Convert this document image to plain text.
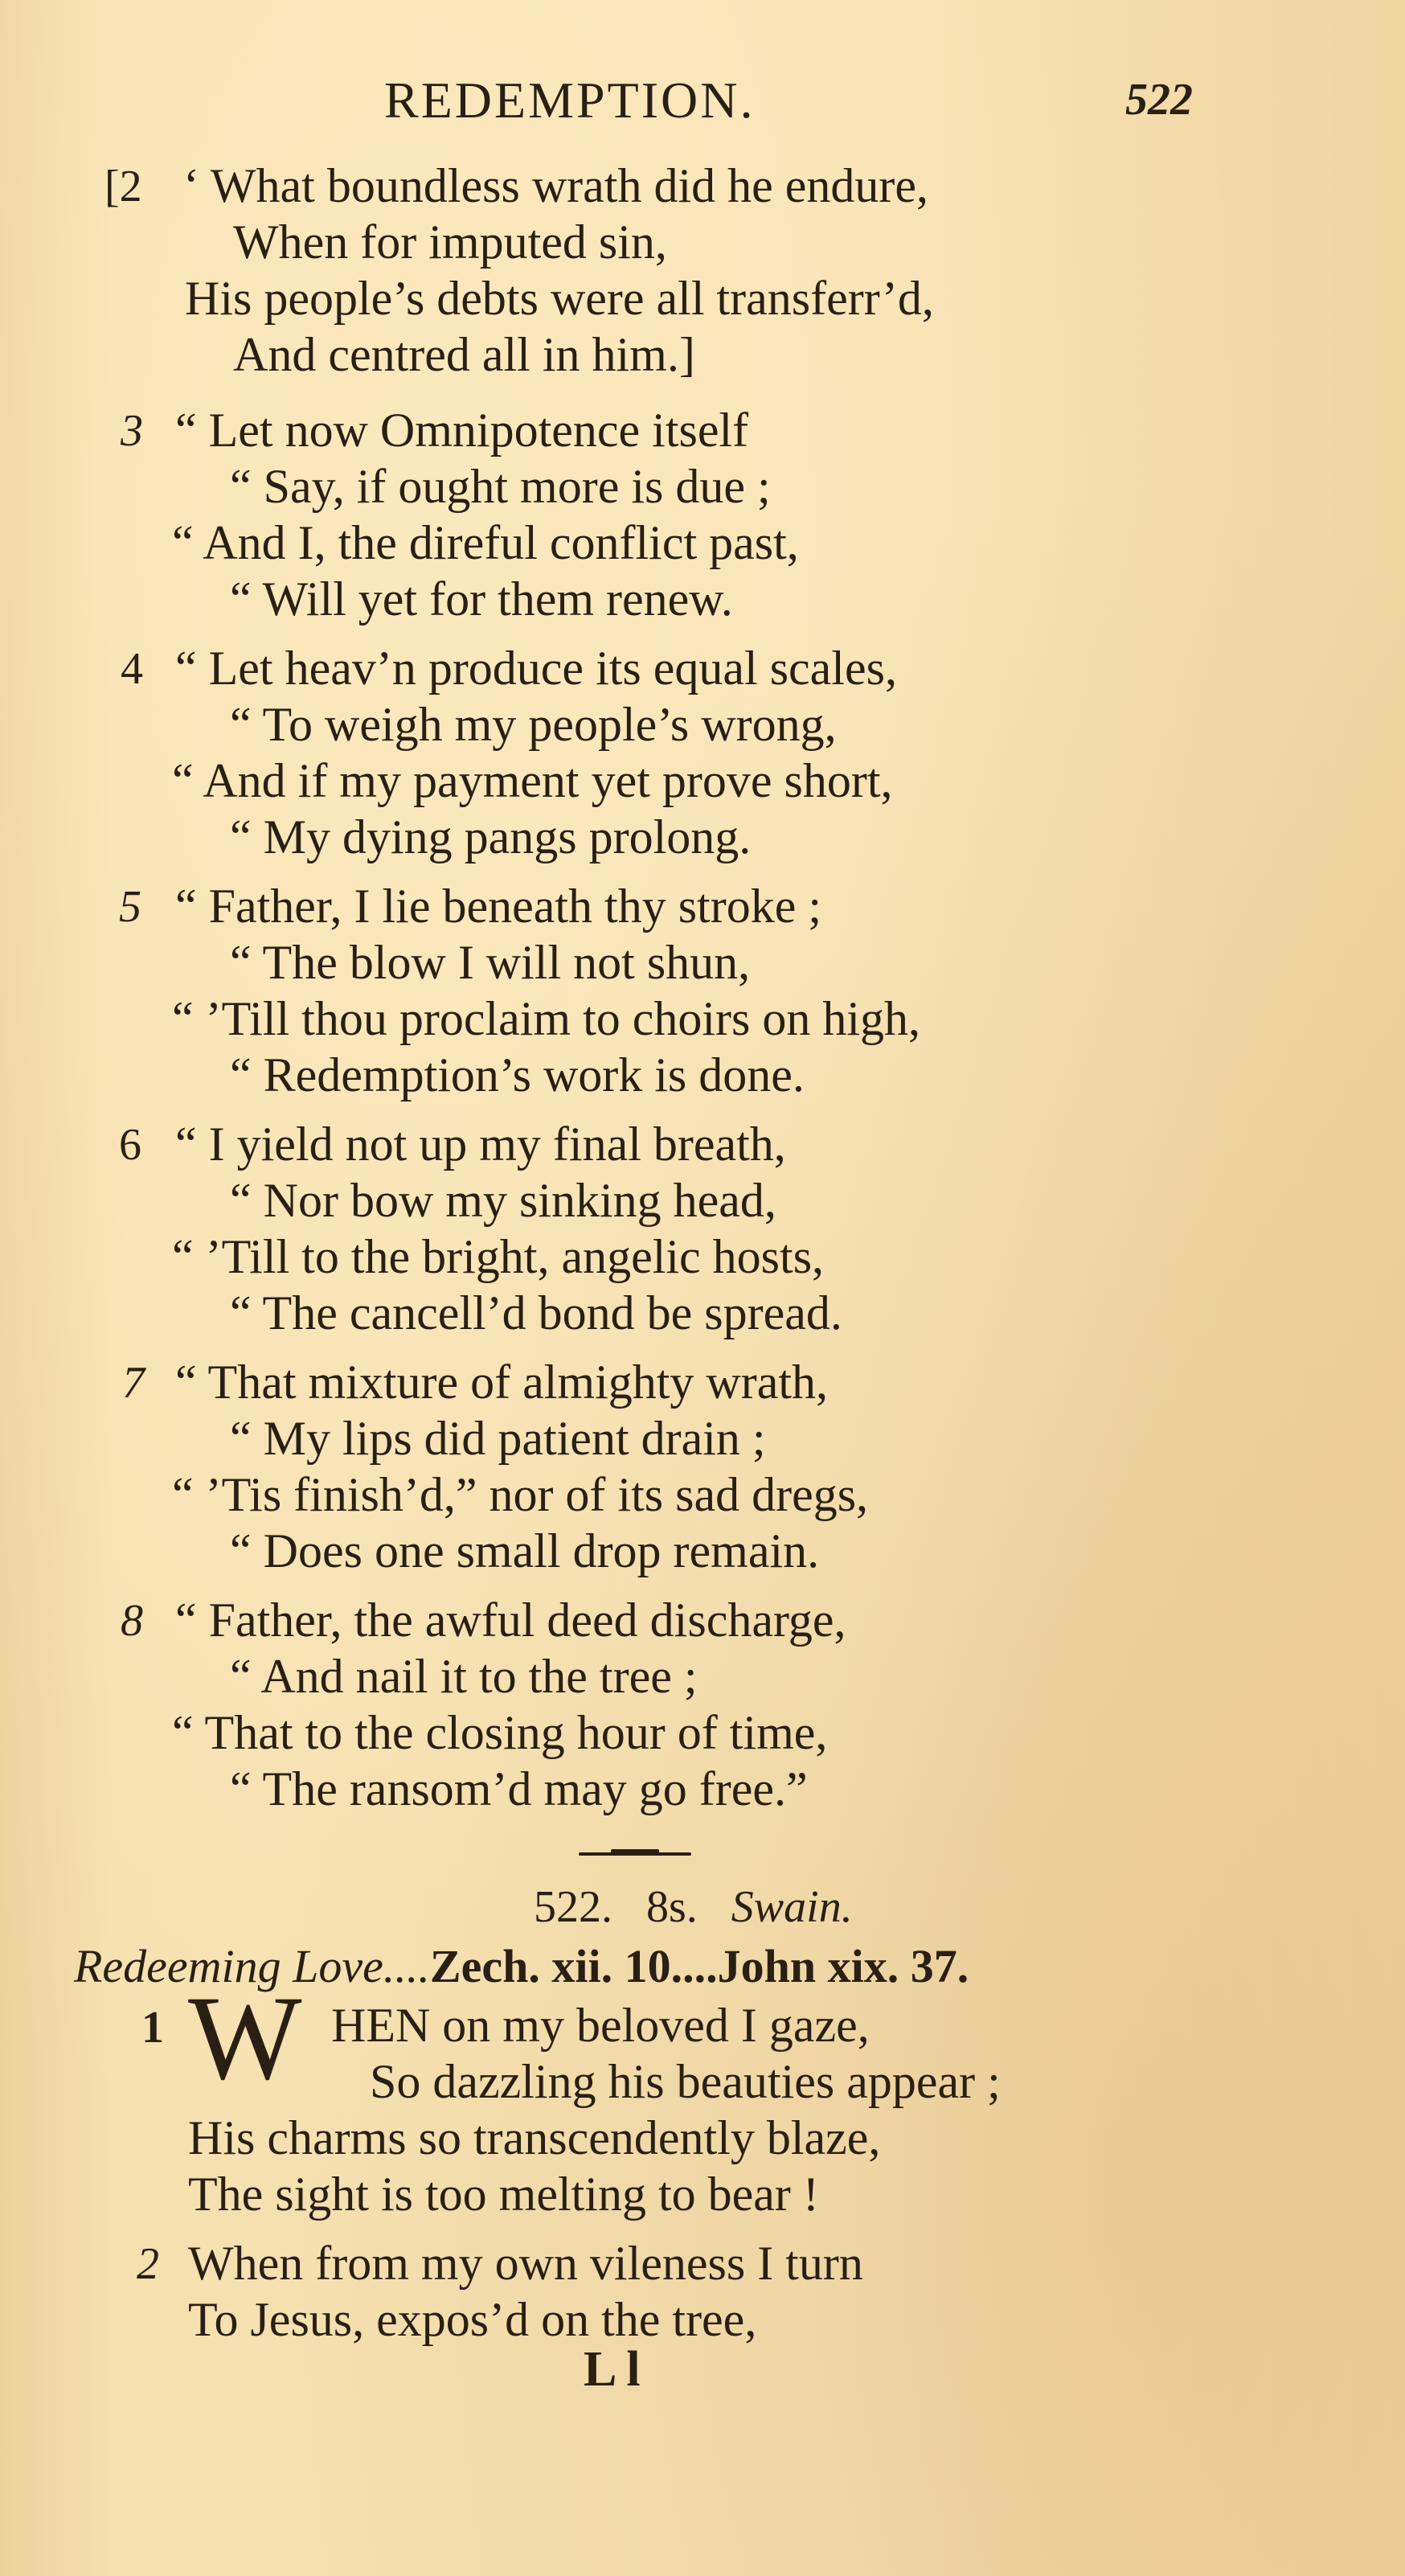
REDEMPTION.	522
[2 ‘ What boundless wrath did he endure,
When for imputed sin,
His people’s debts were all transferr’d,
And centred all in him.]
3 “ Let now Omnipotence itself
“ Say, if ought more is due ;
“ And I, the direful conflict past,
“ Will yet for them renew.
4 “ Let heav’n produce its equal scales,
“ To weigh my people’s wrong,
“ And if my payment yet prove short,
“ My dying pangs prolong.
5 “ Father, I lie beneath thy stroke ;
“ The blow I will not shun,
“ ’Till thou proclaim to choirs on high,
“ Redemption’s work is done.
6 “ I yield not up my final breath,
“ Nor bow my sinking head,
“ ’Till to the bright, angelic hosts,
“ The cancell’d bond be spread.
7 “ That mixture of almighty wrath,
“ My lips did patient drain ;
“ ’Tis finish’d,” nor of its sad dregs,
“ Does one small drop remain.
8 “ Father, the awful deed discharge,
“ And nail it to the tree ;
“ That to the closing hour of time,
“ The ransom’d may go free.”
522. 8s. Swain.
Redeeming Love....Zech. xii. 10....John xix. 37.
1 W HEN on my beloved I gaze,
So dazzling his beauties appear ;
His charms so transcendently blaze,
The sight is too melting to bear !
2 When from my own vileness I turn
To Jesus, expos’d on the tree,
L l
